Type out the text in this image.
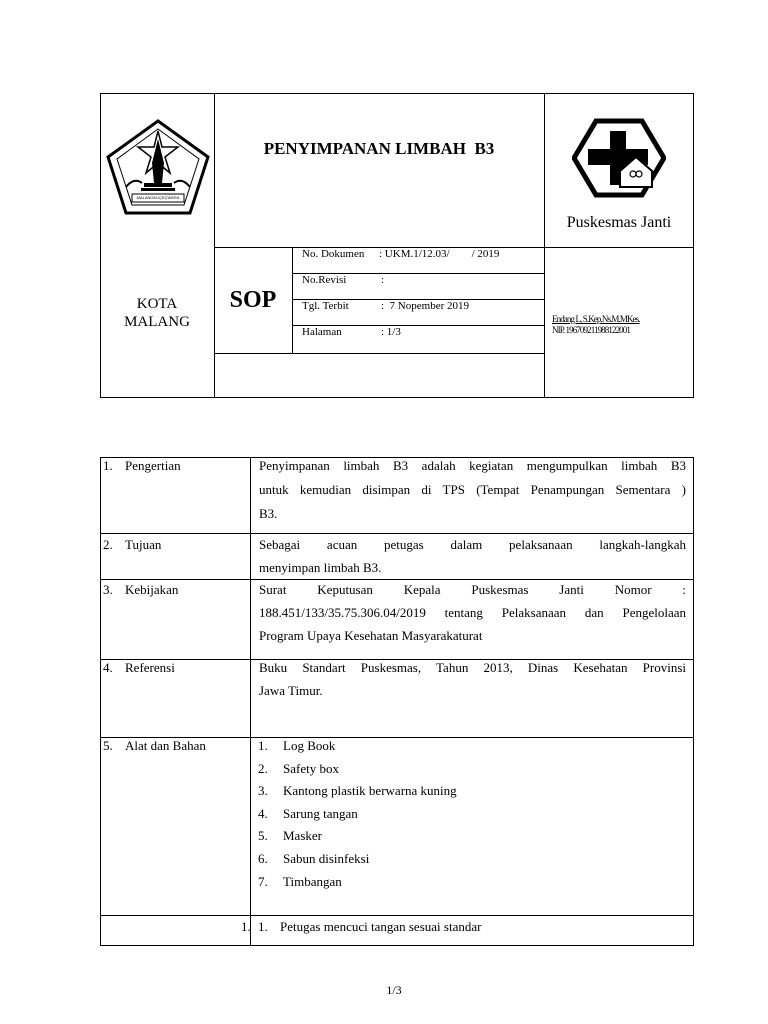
MALANGKUÇEÇWARA
KOTA
MALANG
PENYIMPANAN LIMBAH  B3
SOP
Puskesmas Janti
No. Dokumen : UKM.1/12.03/        / 2019
No.Revisi	:
Tgl. Terbit	:  7 Nopember 2019
Halaman	: 1/3
Endang L, S.Kep.Ns.M.MKes.
NIP. 196709211988122001
1. Pengertian	Penyimpanan limbah B3 adalah kegiatan mengumpulkan limbah B3
untuk kemudian disimpan di TPS (Tempat Penampungan Sementara )
B3.
2. Tujuan	Sebagai acuan petugas dalam pelaksanaan langkah-langkah
menyimpan limbah B3.
3. Kebijakan	Surat Keputusan Kepala Puskesmas Janti Nomor :
188.451/133/35.75.306.04/2019 tentang Pelaksanaan dan Pengelolaan
Program Upaya Kesehatan Masyarakaturat
4. Referensi	Buku Standart Puskesmas, Tahun 2013, Dinas Kesehatan Provinsi
Jawa Timur.
5. Alat dan Bahan	1. Log Book
2. Safety box
3. Kantong plastik berwarna kuning
4. Sarung tangan
5. Masker
6. Sabun disinfeksi
7. Timbangan
1. 1. Petugas mencuci tangan sesuai standar
1/3
